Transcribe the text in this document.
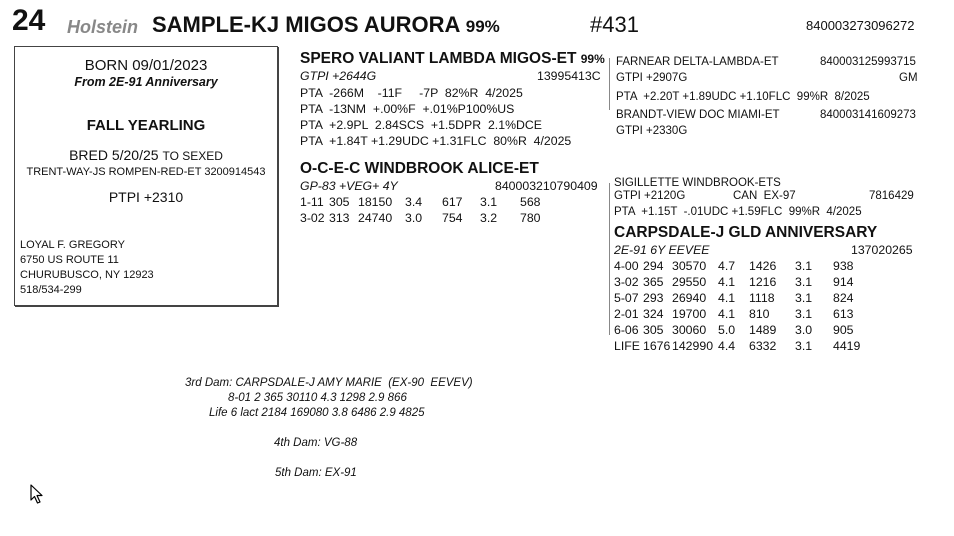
24 Holstein SAMPLE-KJ MIGOS AURORA 99%	#431	840003273096272
BORN 09/01/2023
From 2E-91 Anniversary
FALL YEARLING
BRED 5/20/25 TO SEXED
TRENT-WAY-JS ROMPEN-RED-ET 3200914543
PTPI +2310
LOYAL F. GREGORY
6750 US ROUTE 11
CHURUBUSCO, NY 12923
518/534-299
SPERO VALIANT LAMBDA MIGOS-ET 99%
GTPI +2644G	13995413C
PTA  -266M    -11F     -7P  82%R  4/2025
PTA  -13NM  +.00%F  +.01%P100%US
PTA  +2.9PL  2.84SCS  +1.5DPR  2.1%DCE
PTA  +1.84T +1.29UDC +1.31FLC  80%R  4/2025
FARNEAR DELTA-LAMBDA-ET	840003125993715
GTPI +2907G	GM
PTA  +2.20T +1.89UDC +1.10FLC  99%R  8/2025
BRANDT-VIEW DOC MIAMI-ET	840003141609273
GTPI +2330G
O-C-E-C WINDBROOK ALICE-ET
GP-83 +VEG+ 4Y	840003210790409
1-11 305 18150 3.4 617 3.1 568
3-02 313 24740 3.0 754 3.2 780
SIGILLETTE WINDBROOK-ETS
GTPI +2120G	CAN  EX-97	7816429
PTA  +1.15T  -.01UDC +1.59FLC  99%R  4/2025
CARPSDALE-J GLD ANNIVERSARY
2E-91 6Y EEVEE	137020265
4-00 294 30570 4.7 1426 3.1 938
3-02 365 29550 4.1 1216 3.1 914
5-07 293 26940 4.1 1118 3.1 824
2-01 324 19700 4.1 810 3.1 613
6-06 305 30060 5.0 1489 3.0 905
LIFE 1676 142990 4.4 6332 3.1 4419
3rd Dam: CARPSDALE-J AMY MARIE  (EX-90  EEVEV)
8-01 2 365 30110 4.3 1298 2.9 866
Life 6 lact 2184 169080 3.8 6486 2.9 4825
4th Dam: VG-88
5th Dam: EX-91
